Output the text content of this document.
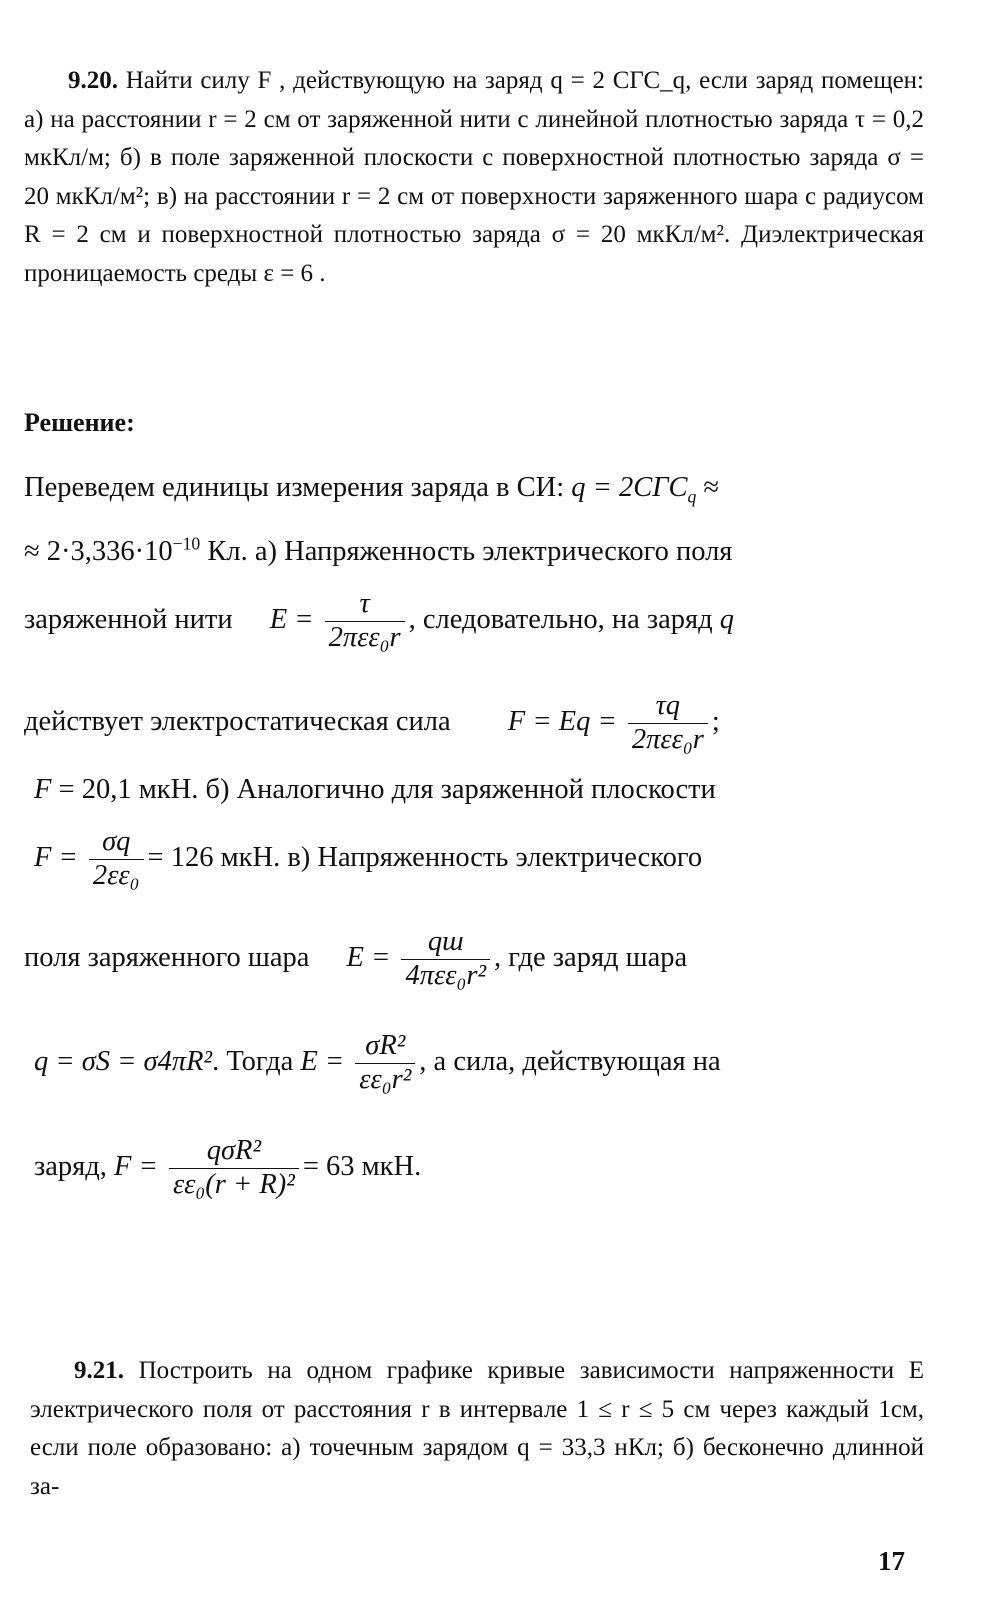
9.20. Найти силу F , действующую на заряд q = 2 СГС_q, если заряд помещен: а) на расстоянии r = 2 см от заряженной нити с линейной плотностью заряда τ = 0,2 мкКл/м; б) в поле заряженной плоскости с поверхностной плотностью заряда σ = 20 мкКл/м²; в) на расстоянии r = 2 см от поверхности заряженного шара с радиусом R = 2 см и поверхностной плотностью заряда σ = 20 мкКл/м². Диэлектрическая проницаемость среды ε = 6 .

Решение:
Переведем единицы измерения заряда в СИ: $q = 2СГС_q$ ≈
≈ $2\cdot 3,336\cdot 10^{-10}$ Кл. а) Напряженность электрического поля
заряженной нити $E = \frac{\tau}{\text{2πεε₀r}}$ , следовательно, на заряд q
действует электростатическая сила $F = Eq = \frac{\tau q}{\text{2πεε₀r}}$ ;
F = 20,1 мкН. б) Аналогично для заряженной плоскости
$F = \frac{\sigma q}{\text{2εε₀}} = 126$ мкН. в) Напряженность электрического
поля заряженного шара $E = \frac{qш}{\text{4πεε₀r²}}$ , где заряд шара
q = σS = σ4πR². Тогда $E = \frac{\text{σR²}}{\text{εε₀r²}}$ , а сила, действующая на
заряд, $F = \frac{\text{qσR²}}{\text{εε₀(r + R)²}} = 63$ мкН.

9.21. Построить на одном графике кривые зависимости напряженности E электрического поля от расстояния r в интервале 1 ≤ r ≤ 5 см через каждый 1см, если поле образовано: а) точечным зарядом q = 33,3 нКл; б) бесконечно длинной за-

17
